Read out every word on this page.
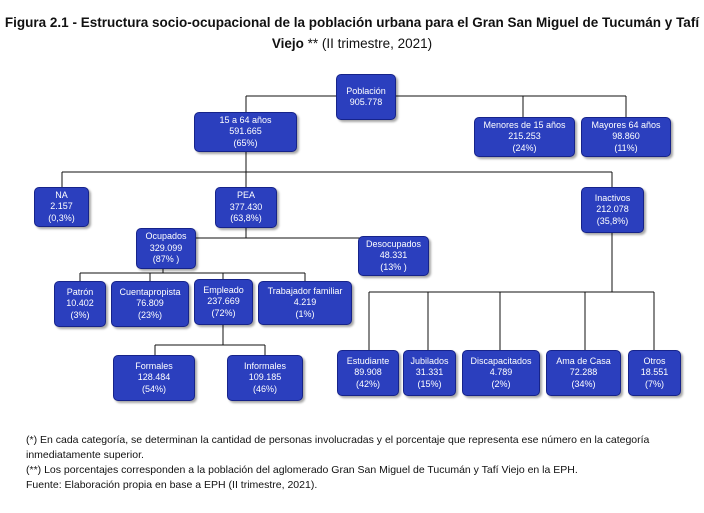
Figura 2.1 - Estructura socio-ocupacional de la población urbana para el Gran San Miguel de Tucumán y Tafí Viejo ** (II trimestre, 2021)
Población
905.778
15 a 64 años
591.665
(65%)
Menores de 15 años
215.253
(24%)
Mayores 64 años
98.860
(11%)
NA
2.157
(0,3%)
PEA
377.430
(63,8%)
Inactivos
212.078
(35,8%)
Ocupados
329.099
(87% )
Desocupados
48.331
(13% )
Patrón
10.402
(3%)
Cuentapropista
76.809
(23%)
Empleado
237.669
(72%)
Trabajador familiar
4.219
(1%)
Formales
128.484
(54%)
Informales
109.185
(46%)
Estudiante
89.908
(42%)
Jubilados
31.331
(15%)
Discapacitados
4.789
(2%)
Ama de Casa
72.288
(34%)
Otros
18.551
(7%)

(*) En cada categoría, se determinan la cantidad de personas involucradas y el porcentaje que representa ese número en la categoría inmediatamente superior.

(**) Los porcentajes corresponden a la población del aglomerado Gran San Miguel de Tucumán y Tafí Viejo en la EPH.

Fuente: Elaboración propia en base a EPH (II trimestre, 2021).
